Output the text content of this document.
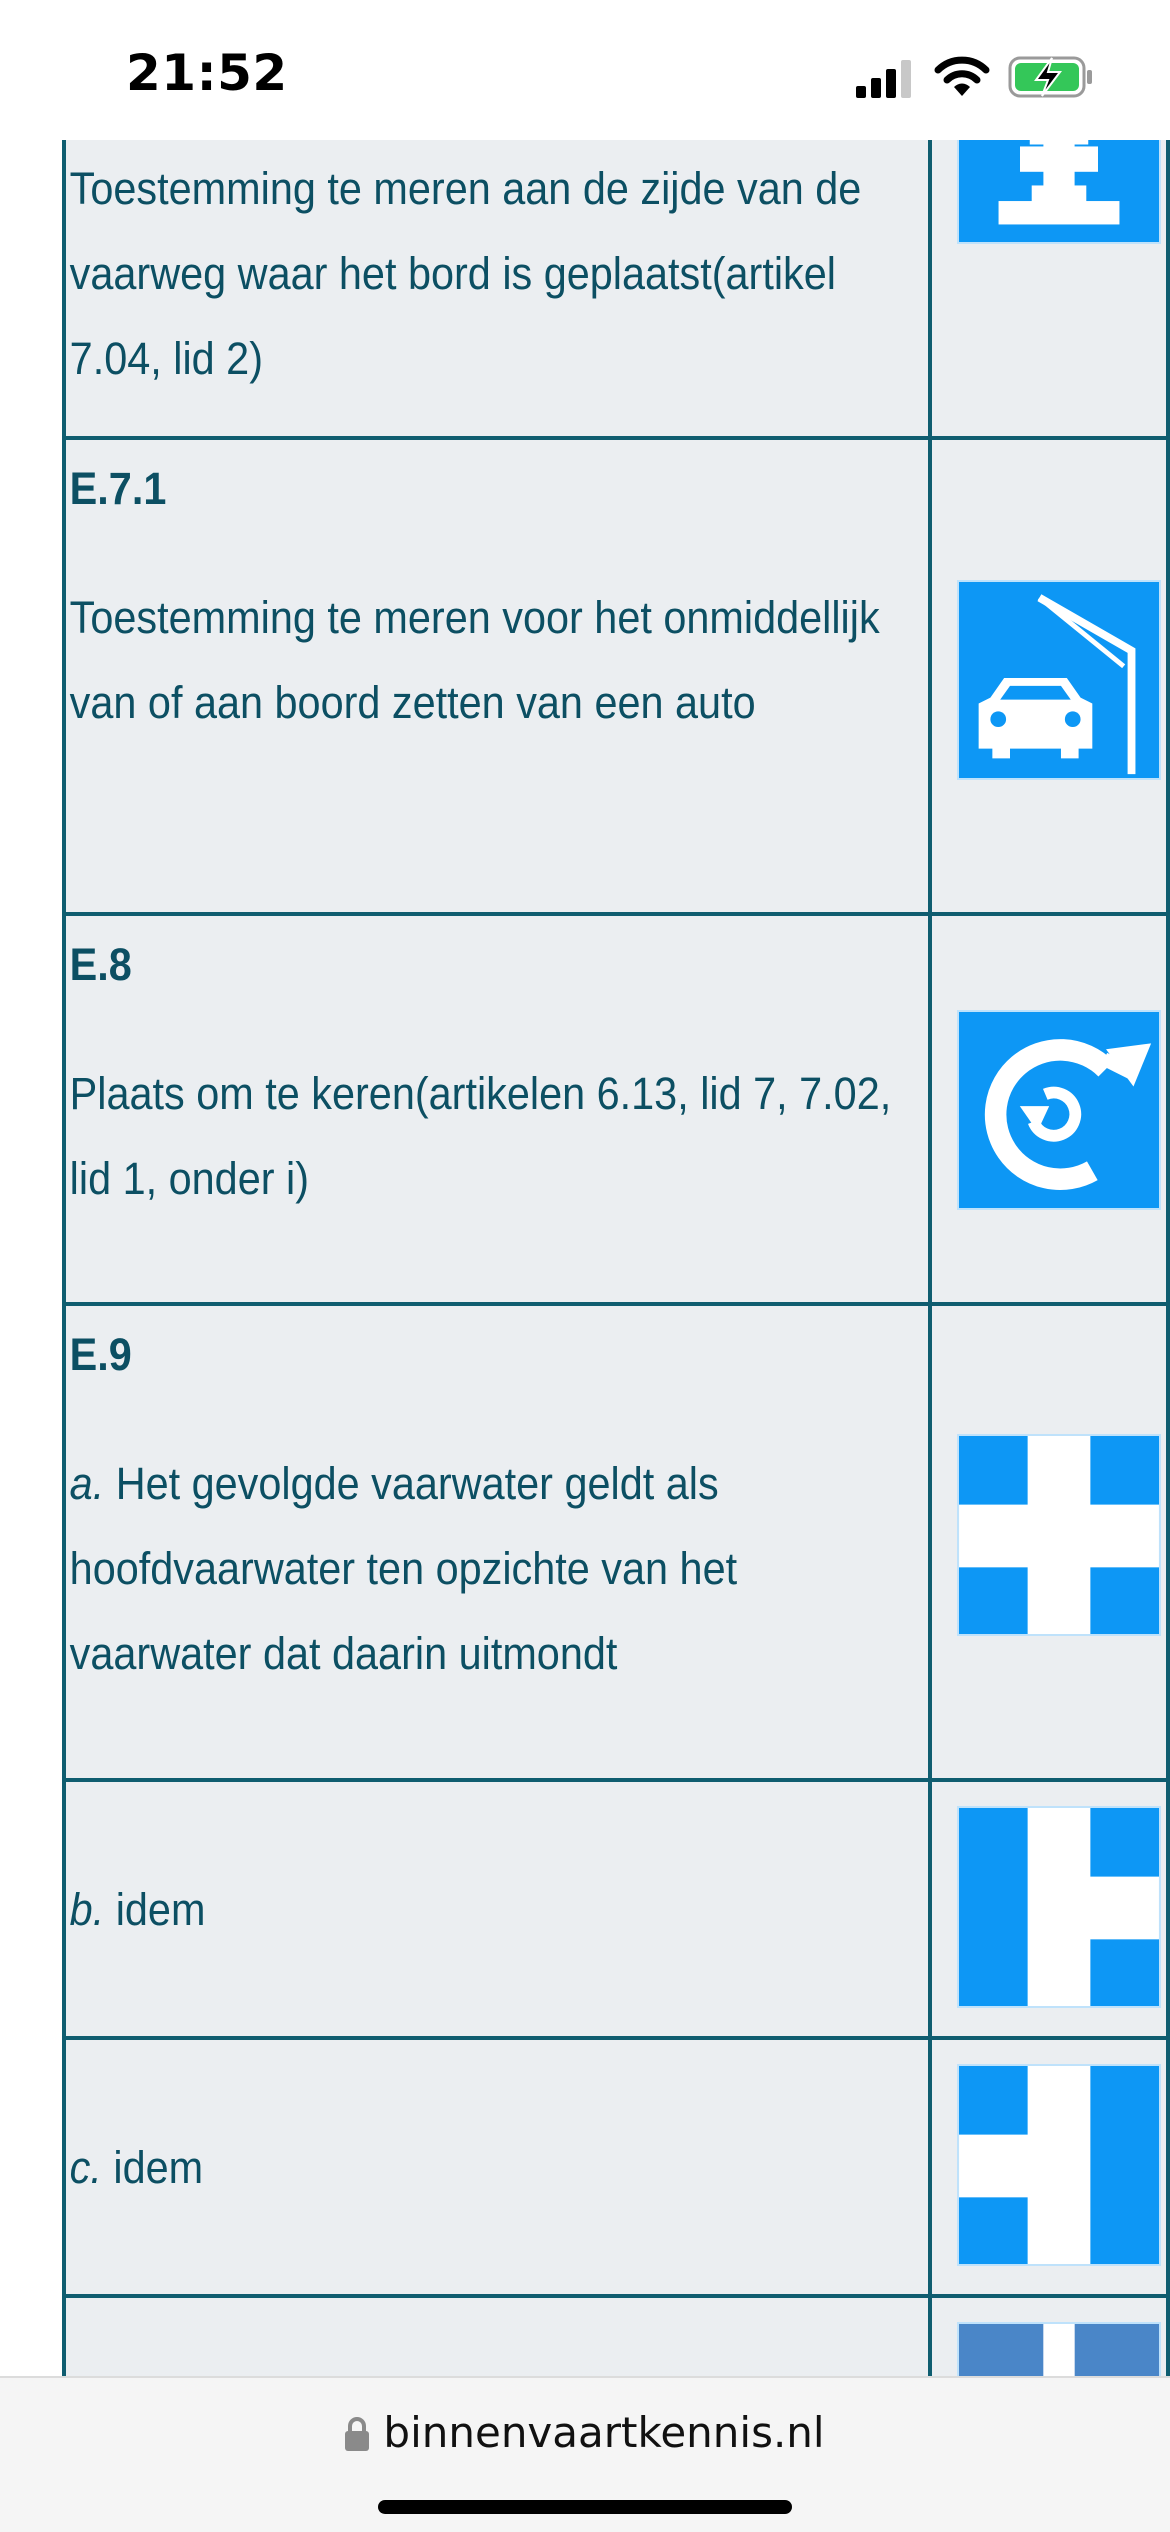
21:52
Toestemming te meren aan de zijde van de vaarweg waar het bord is geplaatst(artikel 7.04, lid 2)

E.7.1
Toestemming te meren voor het onmiddellijk van of aan boord zetten van een auto

E.8
Plaats om te keren(artikelen 6.13, lid 7, 7.02, lid 1, onder i)

E.9
a. Het gevolgde vaarwater geldt als hoofdvaarwater ten opzichte van het vaarwater dat daarin uitmondt

b. idem

c. idem

binnenvaartkennis.nl
